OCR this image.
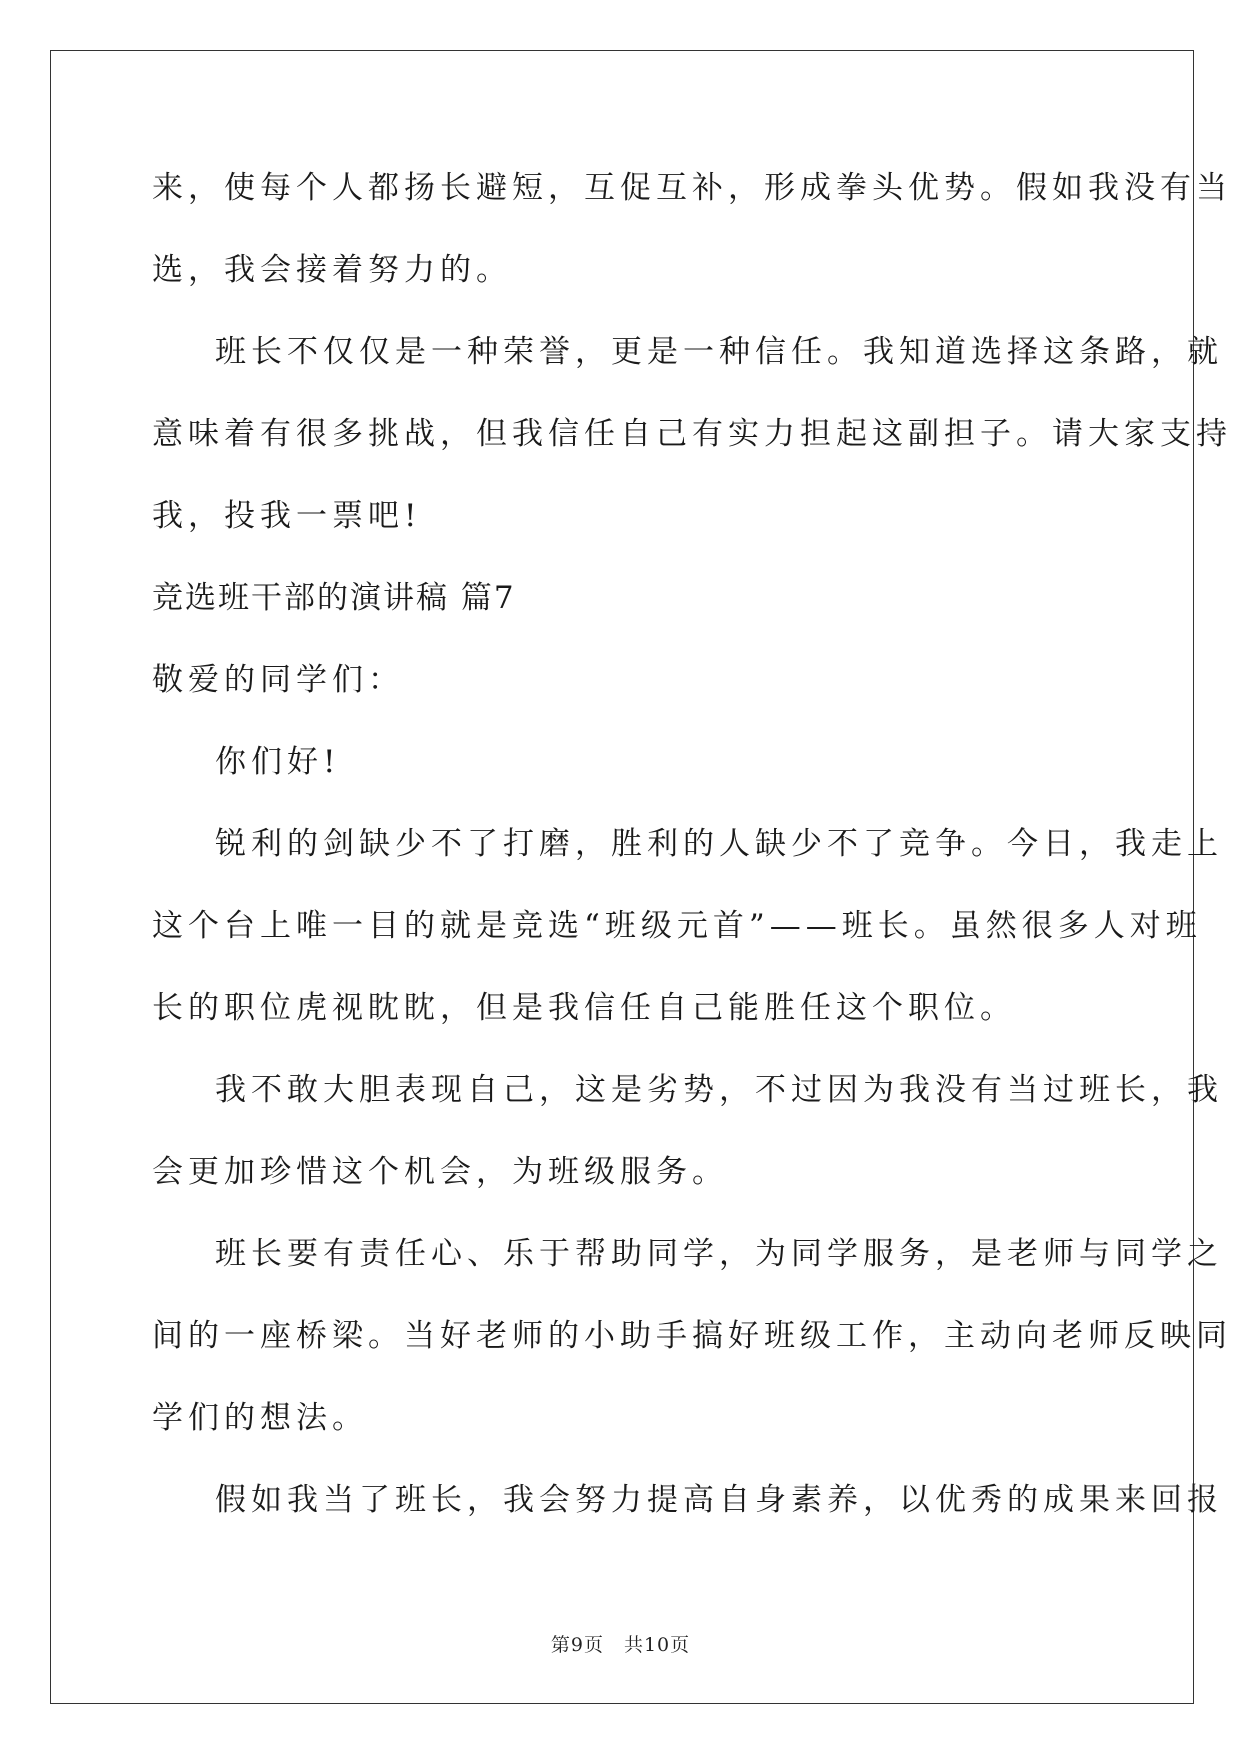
来，使每个人都扬长避短，互促互补，形成拳头优势。假如我没有当
选，我会接着努力的。
班长不仅仅是一种荣誉，更是一种信任。我知道选择这条路，就
意味着有很多挑战，但我信任自己有实力担起这副担子。请大家支持
我，投我一票吧!
竞选班干部的演讲稿 篇7
敬爱的同学们：
你们好!
锐利的剑缺少不了打磨，胜利的人缺少不了竞争。今日，我走上
这个台上唯一目的就是竞选“班级元首”——班长。虽然很多人对班
长的职位虎视眈眈，但是我信任自己能胜任这个职位。
我不敢大胆表现自己，这是劣势，不过因为我没有当过班长，我
会更加珍惜这个机会，为班级服务。
班长要有责任心、乐于帮助同学，为同学服务，是老师与同学之
间的一座桥梁。当好老师的小助手搞好班级工作，主动向老师反映同
学们的想法。
假如我当了班长，我会努力提高自身素养，以优秀的成果来回报
第9页 共10页
